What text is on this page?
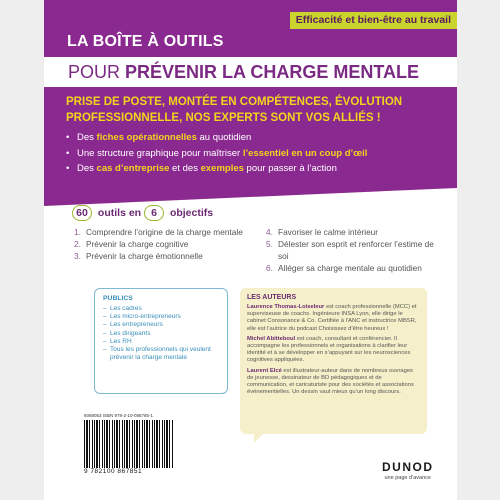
Efficacité et bien-être au travail
LA BOÎTE À OUTILS
POUR PRÉVENIR LA CHARGE MENTALE
PRISE DE POSTE, MONTÉE EN COMPÉTENCES, ÉVOLUTION PROFESSIONNELLE, NOS EXPERTS SONT VOS ALLIÉS !
• Des fiches opérationnelles au quotidien
• Une structure graphique pour maîtriser l’essentiel en un coup d’œil
• Des cas d’entreprise et des exemples pour passer à l’action
60 outils en 6 objectifs
1. Comprendre l’origine de la charge mentale
2. Prévenir la charge cognitive
3. Prévenir la charge émotionnelle
4. Favoriser le calme intérieur
5. Délester son esprit et renforcer l’estime de soi
6. Alléger sa charge mentale au quotidien
PUBLICS
– Les cadres
– Les micro-entrepreneurs
– Les entrepreneurs
– Les dirigeants
– Les RH
– Tous les professionnels qui veulent prévenir la charge mentale
LES AUTEURS

Laurence Thomas-Loiseleur est coach professionnelle (MCC) et superviseuse de coachs. Ingénieure INSA Lyon, elle dirige le cabinet Consonance & Co. Certifiée à l’ANC et instructrice MBSR, elle est l’autrice du podcast Choisissez d’être heureux !

Michel Abitteboul est coach, consultant et conférencier. Il accompagne les professionnels et organisations à clarifier leur identité et à se développer en s’appuyant sur les neurosciences cognitives appliquées.

Laurent Elcé est illustrateur-auteur dans de nombreux ouvrages de jeunesse, dessinateur de BD pédagogiques et de communication, et caricaturiste pour des sociétés et associations événementielles. Un dessin vaut mieux qu’un long discours.

6068053 ISBN 978-2-10-086785-1
9 782100 867851	DUNOD
une page d’avance
